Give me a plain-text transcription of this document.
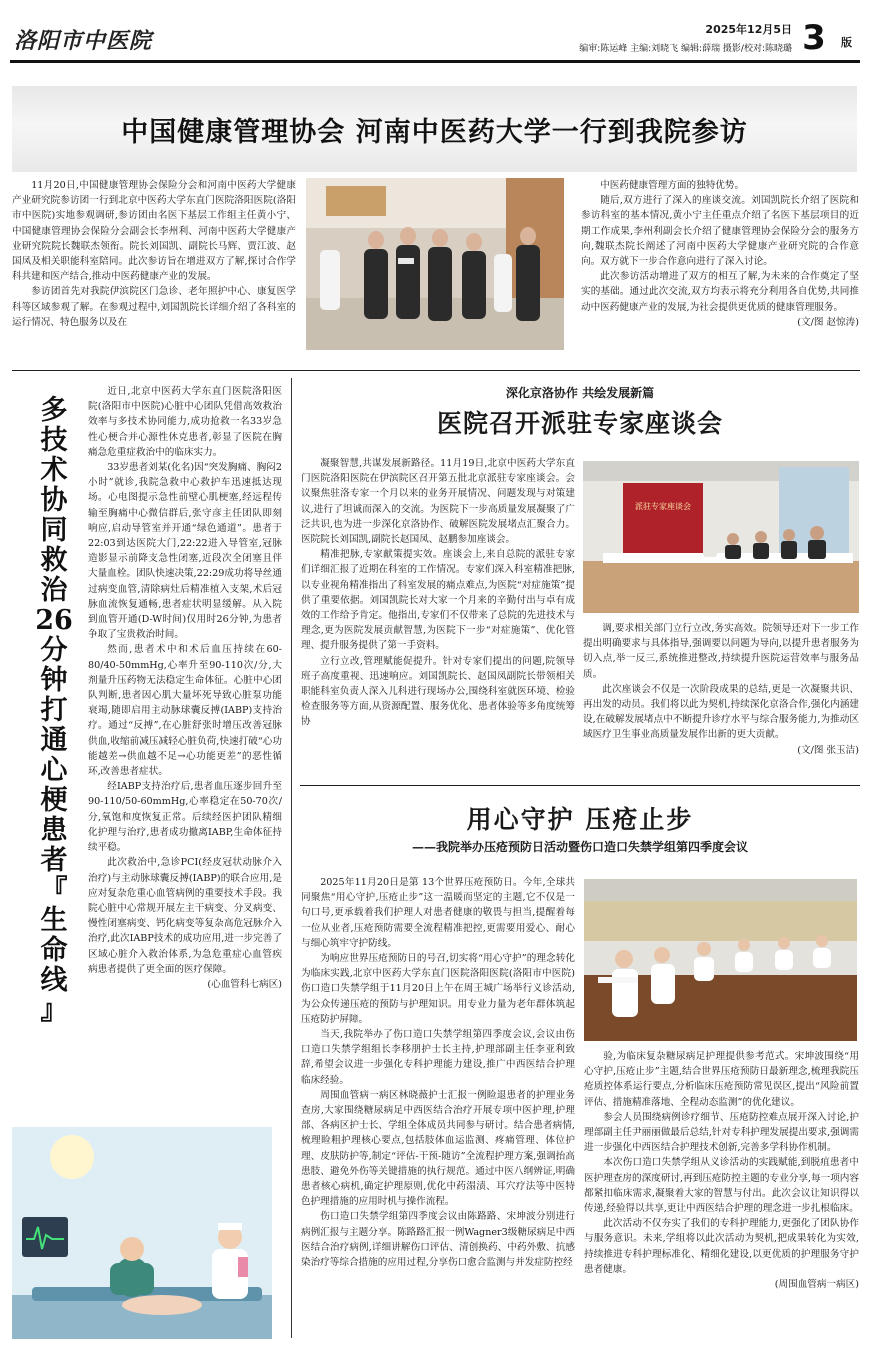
洛阳市中医院	2025年12月5日
编审:陈运峰 主编:刘晓飞 编辑:薛瑞 摄影/校对:陈晓璐 3 版
中国健康管理协会 河南中医药大学一行到我院参访

11月20日,中国健康管理协会保险分会和河南中医药大学健康产业研究院参访团一行到北京中医药大学东直门医院洛阳医院(洛阳市中医院)实地参观调研,参访团由名医下基层工作组主任黄小宁、中国健康管理协会保险分会副会长李州利、河南中医药大学健康产业研究院院长魏联杰领衔。院长刘国凯、副院长马辉、贾江波、赵国凤及相关职能科室陪同。此次参访旨在增进双方了解,探讨合作学科共建和医产结合,推动中医药健康产业的发展。

参访团首先对我院伊滨院区门急诊、老年照护中心、康复医学科等区域参观了解。在参观过程中,刘国凯院长详细介绍了各科室的运行情况、特色服务以及在

中医药健康管理方面的独特优势。

随后,双方进行了深入的座谈交流。刘国凯院长介绍了医院和参访科室的基本情况,黄小宁主任重点介绍了名医下基层项目的近期工作成果,李州利副会长介绍了健康管理协会保险分会的服务方向,魏联杰院长阐述了河南中医药大学健康产业研究院的合作意向。双方就下一步合作意向进行了深入讨论。

此次参访活动增进了双方的相互了解,为未来的合作奠定了坚实的基础。通过此次交流,双方均表示将充分利用各自优势,共同推动中医药健康产业的发展,为社会提供更优质的健康管理服务。

(文/图 赵惊涛)
多
技
术
协
同
救
治
26
分
钟
打
通
心
梗
患
者
『
生
命
线
』

近日,北京中医药大学东直门医院洛阳医院(洛阳市中医院)心脏中心团队凭借高效救治效率与多技术协同能力,成功抢救一名33岁急性心梗合并心源性休克患者,彰显了医院在胸痛急危重症救治中的临床实力。

33岁患者刘某(化名)因“突发胸痛、胸闷2小时”就诊,我院急救中心救护车迅速抵达现场。心电图提示急性前壁心肌梗塞,经远程传输至胸痛中心微信群后,张守彦主任团队即刻响应,启动导管室并开通“绿色通道”。患者于22:03到达医院大门,22:22进入导管室,冠脉造影显示前降支急性闭塞,近段次全闭塞且伴大量血栓。团队快速决策,22:29成功将导丝通过病变血管,清除病灶后精准植入支架,术后冠脉血流恢复通畅,患者症状明显缓解。从入院到血管开通(D-W时间)仅用时26分钟,为患者争取了宝贵救治时间。

然而,患者术中和术后血压持续在60-80/40-50mmHg,心率升至90-110次/分,大剂量升压药物无法稳定生命体征。心脏中心团队判断,患者因心肌大量坏死导致心脏泵功能衰竭,随即启用主动脉球囊反搏(IABP)支持治疗。通过“反搏”,在心脏舒张时增压改善冠脉供血,收缩前减压减轻心脏负荷,快速打破“心功能越差→供血越不足→心功能更差”的恶性循环,改善患者症状。

经IABP支持治疗后,患者血压逐步回升至90-110/50-60mmHg,心率稳定在50-70次/分,氧饱和度恢复正常。后续经医护团队精细化护理与治疗,患者成功撤离IABP,生命体征持续平稳。

此次救治中,急诊PCI(经皮冠状动脉介入治疗)与主动脉球囊反搏(IABP)的联合应用,是应对复杂危重心血管病例的重要技术手段。我院心脏中心常规开展左主干病变、分叉病变、慢性闭塞病变、钙化病变等复杂高危冠脉介入治疗,此次IABP技术的成功应用,进一步完善了区域心脏介入救治体系,为急危重症心血管疾病患者提供了更全面的医疗保障。

(心血管科七病区)
深化京洛协作 共绘发展新篇
医院召开派驻专家座谈会

凝聚智慧,共谋发展新路径。11月19日,北京中医药大学东直门医院洛阳医院在伊滨院区召开第五批北京派驻专家座谈会。会议聚焦驻洛专家一个月以来的业务开展情况、问题发现与对策建议,进行了坦诚而深入的交流。为医院下一步高质量发展凝聚了广泛共识,也为进一步深化京洛协作、破解医院发展堵点汇聚合力。医院院长刘国凯,副院长赵国凤、赵鹏参加座谈会。

精准把脉,专家献策提实效。座谈会上,来自总院的派驻专家们详细汇报了近期在科室的工作情况。专家们深入科室精准把脉,以专业视角精准指出了科室发展的痛点难点,为医院“对症施策”提供了重要依据。刘国凯院长对大家一个月来的辛勤付出与卓有成效的工作给予肯定。他指出,专家们不仅带来了总院的先进技术与理念,更为医院发展贡献智慧,为医院下一步“对症施策”、优化管理、提升服务提供了第一手资料。

立行立改,管理赋能促提升。针对专家们提出的问题,院领导班子高度重视、迅速响应。刘国凯院长、赵国凤副院长带领相关职能科室负责人深入儿科进行现场办公,围绕科室就医环境、检验检查服务等方面,从资源配置、服务优化、患者体验等多角度统筹协

派驻专家座谈会

调,要求相关部门立行立改,务实高效。院领导还对下一步工作提出明确要求与具体指导,强调要以问题为导向,以提升患者服务为切入点,举一反三,系统推进整改,持续提升医院运营效率与服务品质。

此次座谈会不仅是一次阶段成果的总结,更是一次凝聚共识、再出发的动员。我们将以此为契机,持续深化京洛合作,强化内涵建设,在破解发展堵点中不断提升诊疗水平与综合服务能力,为推动区域医疗卫生事业高质量发展作出新的更大贡献。

(文/图 张玉洁)
用心守护 压疮止步
——我院举办压疮预防日活动暨伤口造口失禁学组第四季度会议

2025年11月20日是第 13个世界压疮预防日。今年,全球共同聚焦“用心守护,压疮止步”这一温暖而坚定的主题,它不仅是一句口号,更承载着我们护理人对患者健康的敬畏与担当,提醒着每一位从业者,压疮预防需要全流程精准把控,更需要用爱心、耐心与细心筑牢守护防线。

为响应世界压疮预防日的号召,切实将“用心守护”的理念转化为临床实践,北京中医药大学东直门医院洛阳医院(洛阳市中医院)伤口造口失禁学组于11月20日上午在周王城广场举行义诊活动,为公众传递压疮的预防与护理知识。用专业力量为老年群体筑起压疮防护屏障。

当天,我院举办了伤口造口失禁学组第四季度会议,会议由伤口造口失禁学组组长李移朋护士长主持,护理部副主任李亚利致辞,希望会议进一步强化专科护理能力建设,推广中西医结合护理临床经验。

周围血管病一病区林晓薇护士汇报一例睑退患者的护理业务查房,大家围绕糖尿病足中西医结合治疗开展专项中医护理,护理部、各病区护士长、学组全体成员共同参与研讨。结合患者病情,梳理睑粗护理核心要点,包括肢体血运监测、疼痛管理、体位护理、皮肤防护等,制定“评估-干预-随访”全流程护理方案,强调抬高患肢、避免外伤等关键措施的执行规范。通过中医八纲辨证,明确患者核心病机,确定护理原则,优化中药溻渍、耳穴疗法等中医特色护理措施的应用时机与操作流程。

伤口造口失禁学组第四季度会议由陈路路、宋坤波分别进行病例汇报与主题分享。陈路路汇报一例Wagner3级糖尿病足中西医结合治疗病例,详细讲解伤口评估、清创换药、中药外敷、抗感染治疗等综合措施的应用过程,分享伤口愈合监测与并发症防控经

验,为临床复杂糖尿病足护理提供参考范式。宋坤波围绕“用心守护,压疮止步”主题,结合世界压疮预防日最新理念,梳理我院压疮质控体系运行要点,分析临床压疮预防常见误区,提出“风险前置评估、措施精准落地、全程动态监测”的优化建议。

参会人员围绕病例诊疗细节、压疮防控难点展开深入讨论,护理部副主任尹丽丽做最后总结,针对专科护理发展提出要求,强调需进一步强化中西医结合护理技术创新,完善多学科协作机制。

本次伤口造口失禁学组从义诊活动的实践赋能,到脱疽患者中医护理查房的深度研讨,再到压疮防控主题的专业分享,每一项内容都紧扣临床需求,凝聚着大家的智慧与付出。此次会议让知识得以传递,经验得以共享,更让中西医结合护理的理念进一步扎根临床。

此次活动不仅夯实了我们的专科护理能力,更强化了团队协作与服务意识。未来,学组将以此次活动为契机,把成果转化为实效,持续推进专科护理标准化、精细化建设,以更优质的护理服务守护患者健康。

(周围血管病一病区)
